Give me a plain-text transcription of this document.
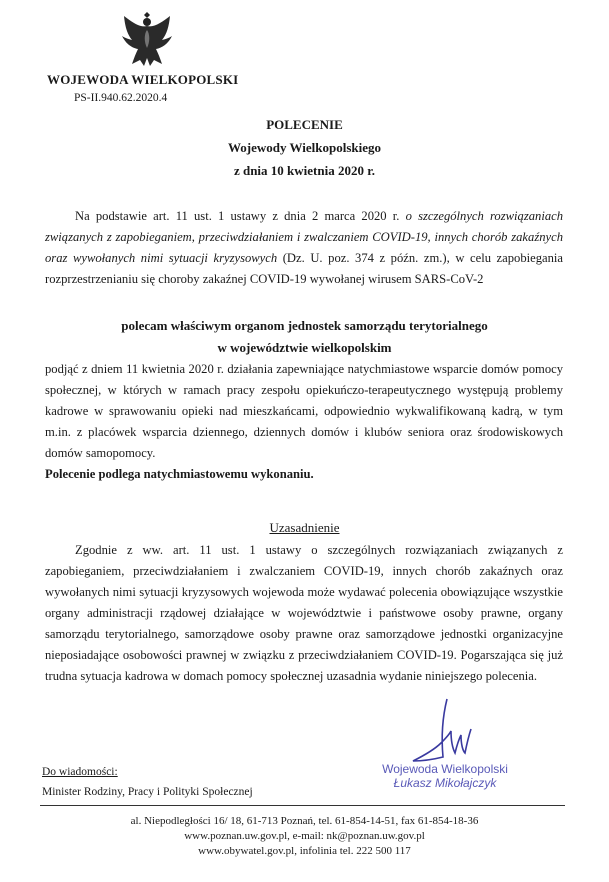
WOJEWODA WIELKOPOLSKI
PS-II.940.62.2020.4
POLECENIE
Wojewody Wielkopolskiego
z dnia 10 kwietnia 2020 r.

Na podstawie art. 11 ust. 1 ustawy z dnia 2 marca 2020 r. o szczególnych rozwiązaniach związanych z zapobieganiem, przeciwdziałaniem i zwalczaniem COVID-19, innych chorób zakaźnych oraz wywołanych nimi sytuacji kryzysowych (Dz. U. poz. 374 z późn. zm.), w celu zapobiegania rozprzestrzenianiu się choroby zakaźnej COVID-19 wywołanej wirusem SARS-CoV-2

polecam właściwym organom jednostek samorządu terytorialnego
w województwie wielkopolskim

podjąć z dniem 11 kwietnia 2020 r. działania zapewniające natychmiastowe wsparcie domów pomocy społecznej, w których w ramach pracy zespołu opiekuńczo-terapeutycznego występują problemy kadrowe w sprawowaniu opieki nad mieszkańcami, odpowiednio wykwalifikowaną kadrą, w tym m.in. z placówek wsparcia dziennego, dziennych domów i klubów seniora oraz środowiskowych domów samopomocy.

Polecenie podlega natychmiastowemu wykonaniu.

Uzasadnienie

Zgodnie z ww. art. 11 ust. 1 ustawy o szczególnych rozwiązaniach związanych z zapobieganiem, przeciwdziałaniem i zwalczaniem COVID-19, innych chorób zakaźnych oraz wywołanych nimi sytuacji kryzysowych wojewoda może wydawać polecenia obowiązujące wszystkie organy administracji rządowej działające w województwie i państwowe osoby prawne, organy samorządu terytorialnego, samorządowe osoby prawne oraz samorządowe jednostki organizacyjne nieposiadające osobowości prawnej w związku z przeciwdziałaniem COVID-19. Pogarszająca się już trudna sytuacja kadrowa w domach pomocy społecznej uzasadnia wydanie niniejszego polecenia.

Wojewoda Wielkopolski
Łukasz Mikołajczyk
Do wiadomości:
Minister Rodziny, Pracy i Polityki Społecznej
al. Niepodległości 16/ 18, 61-713 Poznań, tel. 61-854-14-51, fax 61-854-18-36
www.poznan.uw.gov.pl, e-mail: nk@poznan.uw.gov.pl
www.obywatel.gov.pl, infolinia tel. 222 500 117
